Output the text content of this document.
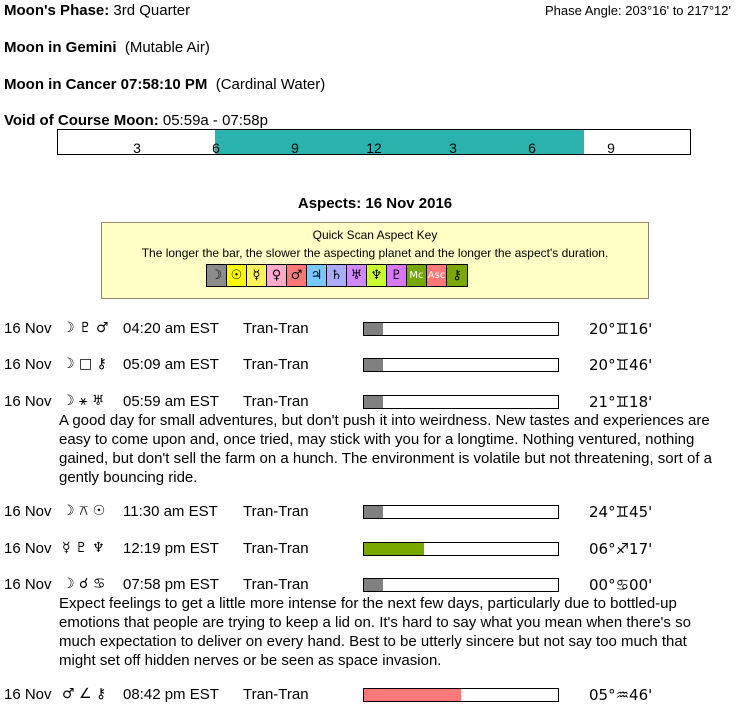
Moon's Phase: 3rd Quarter	Phase Angle: 203°16' to 217°12'
Moon in Gemini (Mutable Air)
Moon in Cancer 07:58:10 PM (Cardinal Water)
Void of Course Moon: 05:59a - 07:58p
3	6	9	12	3	6	9
Aspects: 16 Nov 2016
Quick Scan Aspect Key
The longer the bar, the slower the aspecting planet and the longer the aspect's duration.
☽ ☉ ☿ ♀ ♂ ♃ ♄ ♅ ♆ ♇ Mc Asc ⚷
16 Nov ☽ ♇ ♂ 04:20 am EST Tran-Tran	20°♊16'
16 Nov ☽ □ ⚷ 05:09 am EST Tran-Tran	20°♊46'
16 Nov ☽ ⚹ ♅ 05:59 am EST Tran-Tran	21°♊18'
A good day for small adventures, but don't push it into weirdness. New tastes and experiences are easy to come upon and, once tried, may stick with you for a longtime. Nothing ventured, nothing gained, but don't sell the farm on a hunch. The environment is volatile but not threatening, sort of a gently bouncing ride.
16 Nov ☽ ⚻ ☉ 11:30 am EST Tran-Tran	24°♊45'
16 Nov ☿ ♇ ♆ 12:19 pm EST Tran-Tran	06°♐17'
16 Nov ☽ ☌ ♋ 07:58 pm EST Tran-Tran	00°♋00'
Expect feelings to get a little more intense for the next few days, particularly due to bottled-up emotions that people are trying to keep a lid on. It's hard to say what you mean when there's so much expectation to deliver on every hand. Best to be utterly sincere but not say too much that might set off hidden nerves or be seen as space invasion.
16 Nov ♂ ∠ ⚷ 08:42 pm EST Tran-Tran	05°♒46'
